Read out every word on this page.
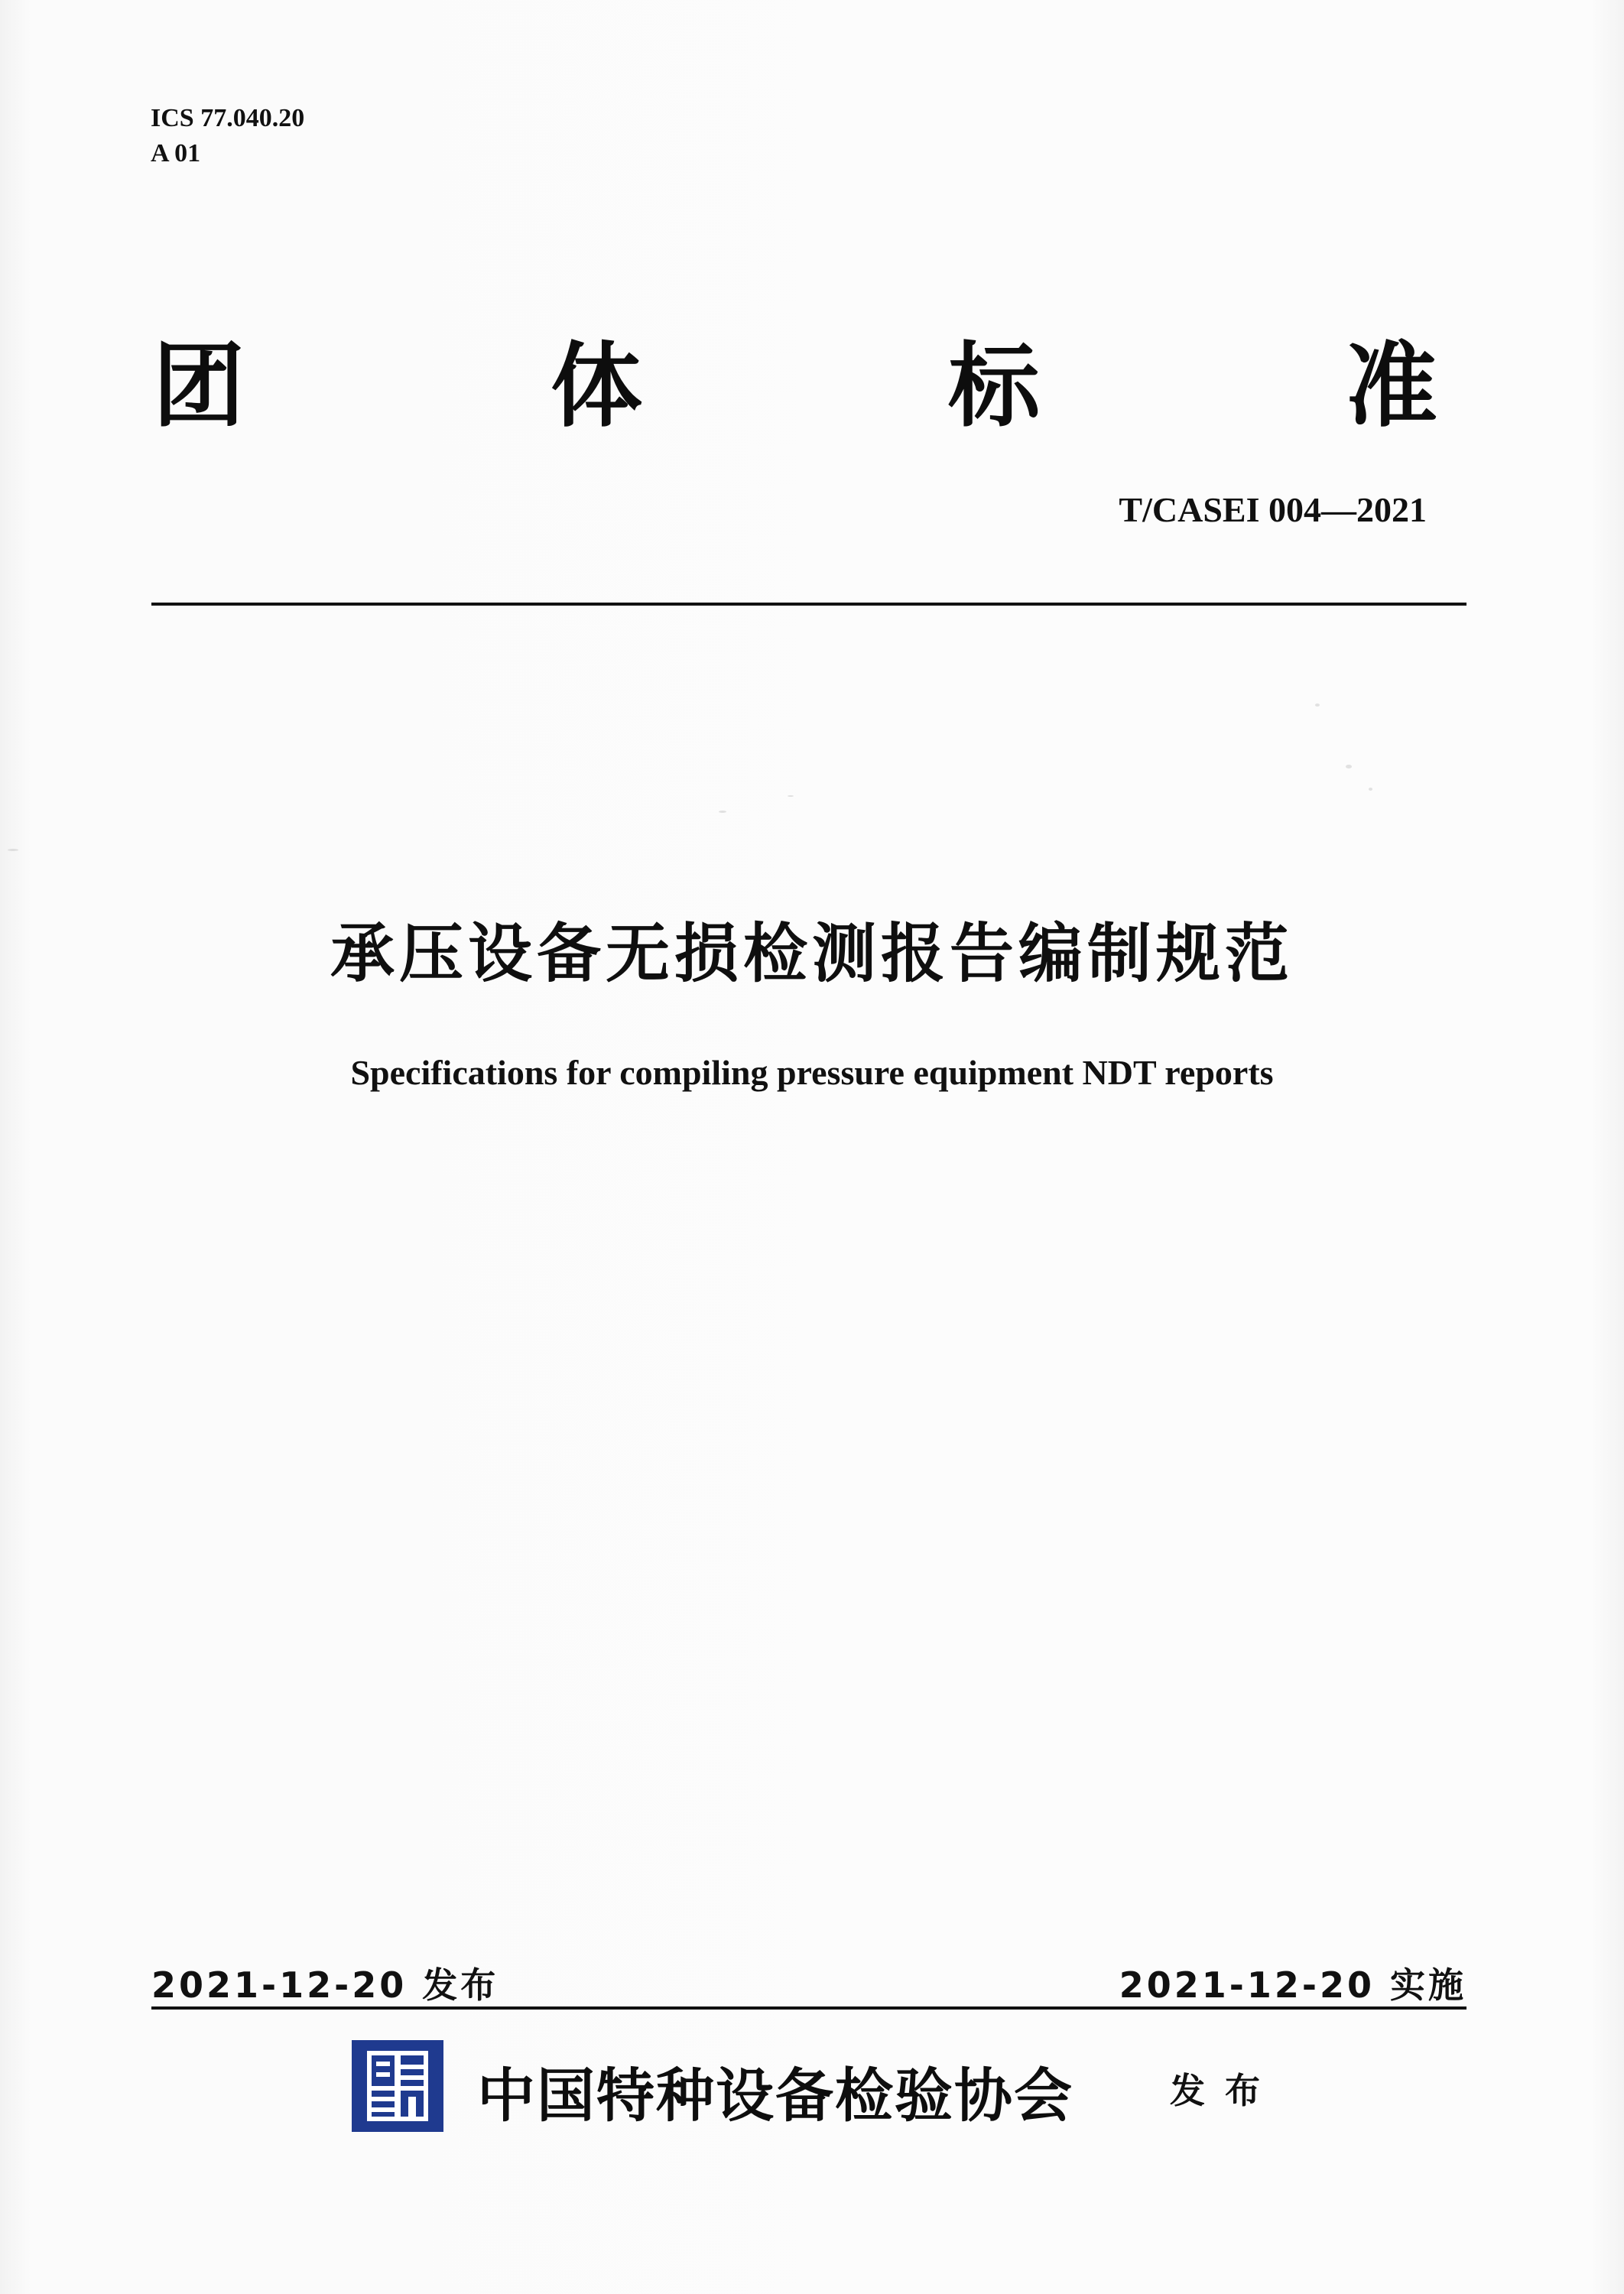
ICS 77.040.20
A 01
团	体	标	准
T/CASEI 004—2021
承压设备无损检测报告编制规范
Specifications for compiling pressure equipment NDT reports
2021-12-20 发布	2021-12-20 实施
中国特种设备检验协会	发布
